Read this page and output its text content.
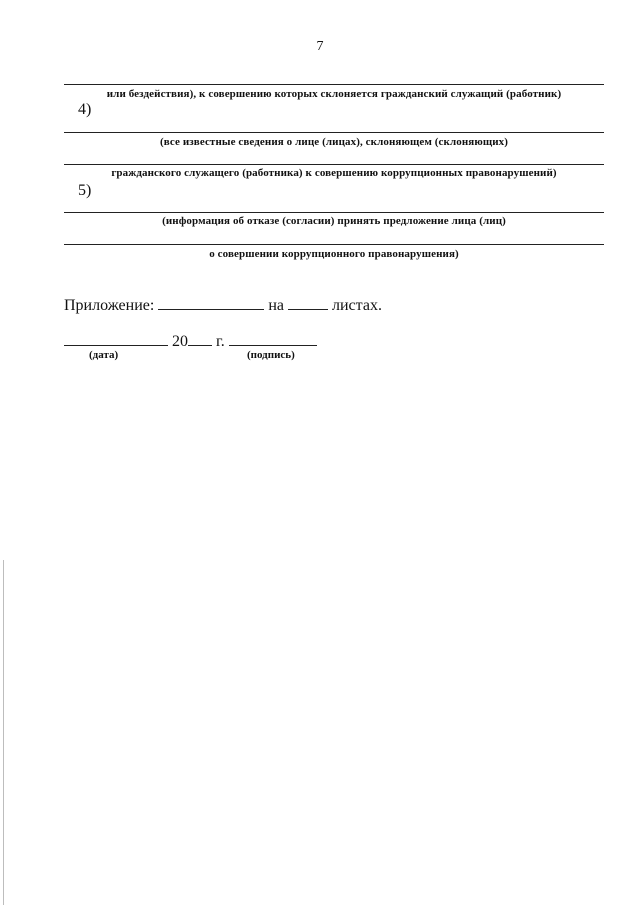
7
или бездействия), к совершению которых склоняется гражданский служащий (работник)
4)
(все известные сведения о лице (лицах), склоняющем (склоняющих)
гражданского служащего (работника) к совершению коррупционных правонарушений)
5)
(информация об отказе (согласии) принять предложение лица (лиц)
о совершении коррупционного правонарушения)
Приложение:	на	листах.
20 г.
(дата)	(подпись)
